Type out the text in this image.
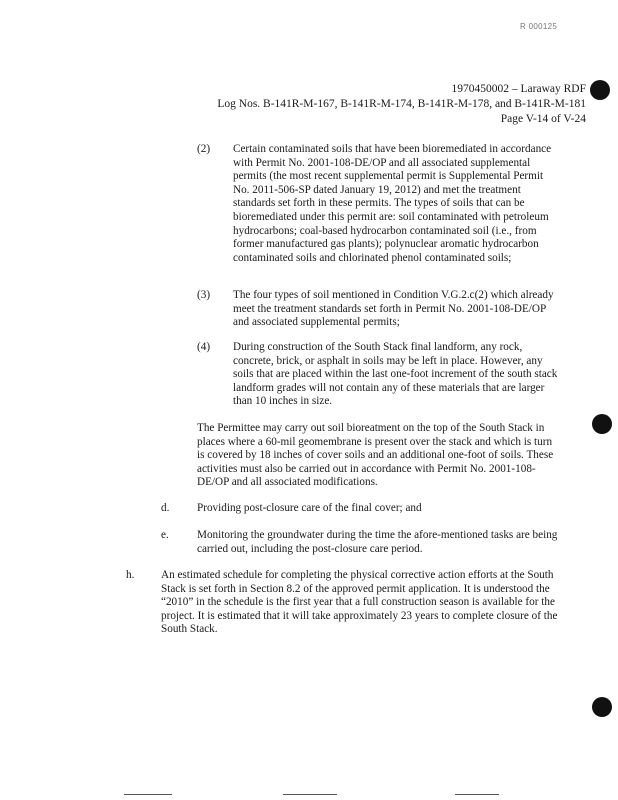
R 000125
1970450002 – Laraway RDF
Log Nos. B-141R-M-167, B-141R-M-174, B-141R-M-178, and B-141R-M-181
Page V-14 of V-24
(2) Certain contaminated soils that have been bioremediated in accordance with Permit No. 2001-108-DE/OP and all associated supplemental permits (the most recent supplemental permit is Supplemental Permit No. 2011-506-SP dated January 19, 2012) and met the treatment standards set forth in these permits. The types of soils that can be bioremediated under this permit are: soil contaminated with petroleum hydrocarbons; coal-based hydrocarbon contaminated soil (i.e., from former manufactured gas plants); polynuclear aromatic hydrocarbon contaminated soils and chlorinated phenol contaminated soils;
(3) The four types of soil mentioned in Condition V.G.2.c(2) which already meet the treatment standards set forth in Permit No. 2001-108-DE/OP and associated supplemental permits;
(4) During construction of the South Stack final landform, any rock, concrete, brick, or asphalt in soils may be left in place. However, any soils that are placed within the last one-foot increment of the south stack landform grades will not contain any of these materials that are larger than 10 inches in size.
The Permittee may carry out soil bioreatment on the top of the South Stack in places where a 60-mil geomembrane is present over the stack and which is turn is covered by 18 inches of cover soils and an additional one-foot of soils. These activities must also be carried out in accordance with Permit No. 2001-108-DE/OP and all associated modifications.
d. Providing post-closure care of the final cover; and
e.	Monitoring the groundwater during the time the afore-mentioned tasks are being carried out, including the post-closure care period.
h. An estimated schedule for completing the physical corrective action efforts at the South Stack is set forth in Section 8.2 of the approved permit application. It is understood the “2010” in the schedule is the first year that a full construction season is available for the project. It is estimated that it will take approximately 23 years to complete closure of the South Stack.
